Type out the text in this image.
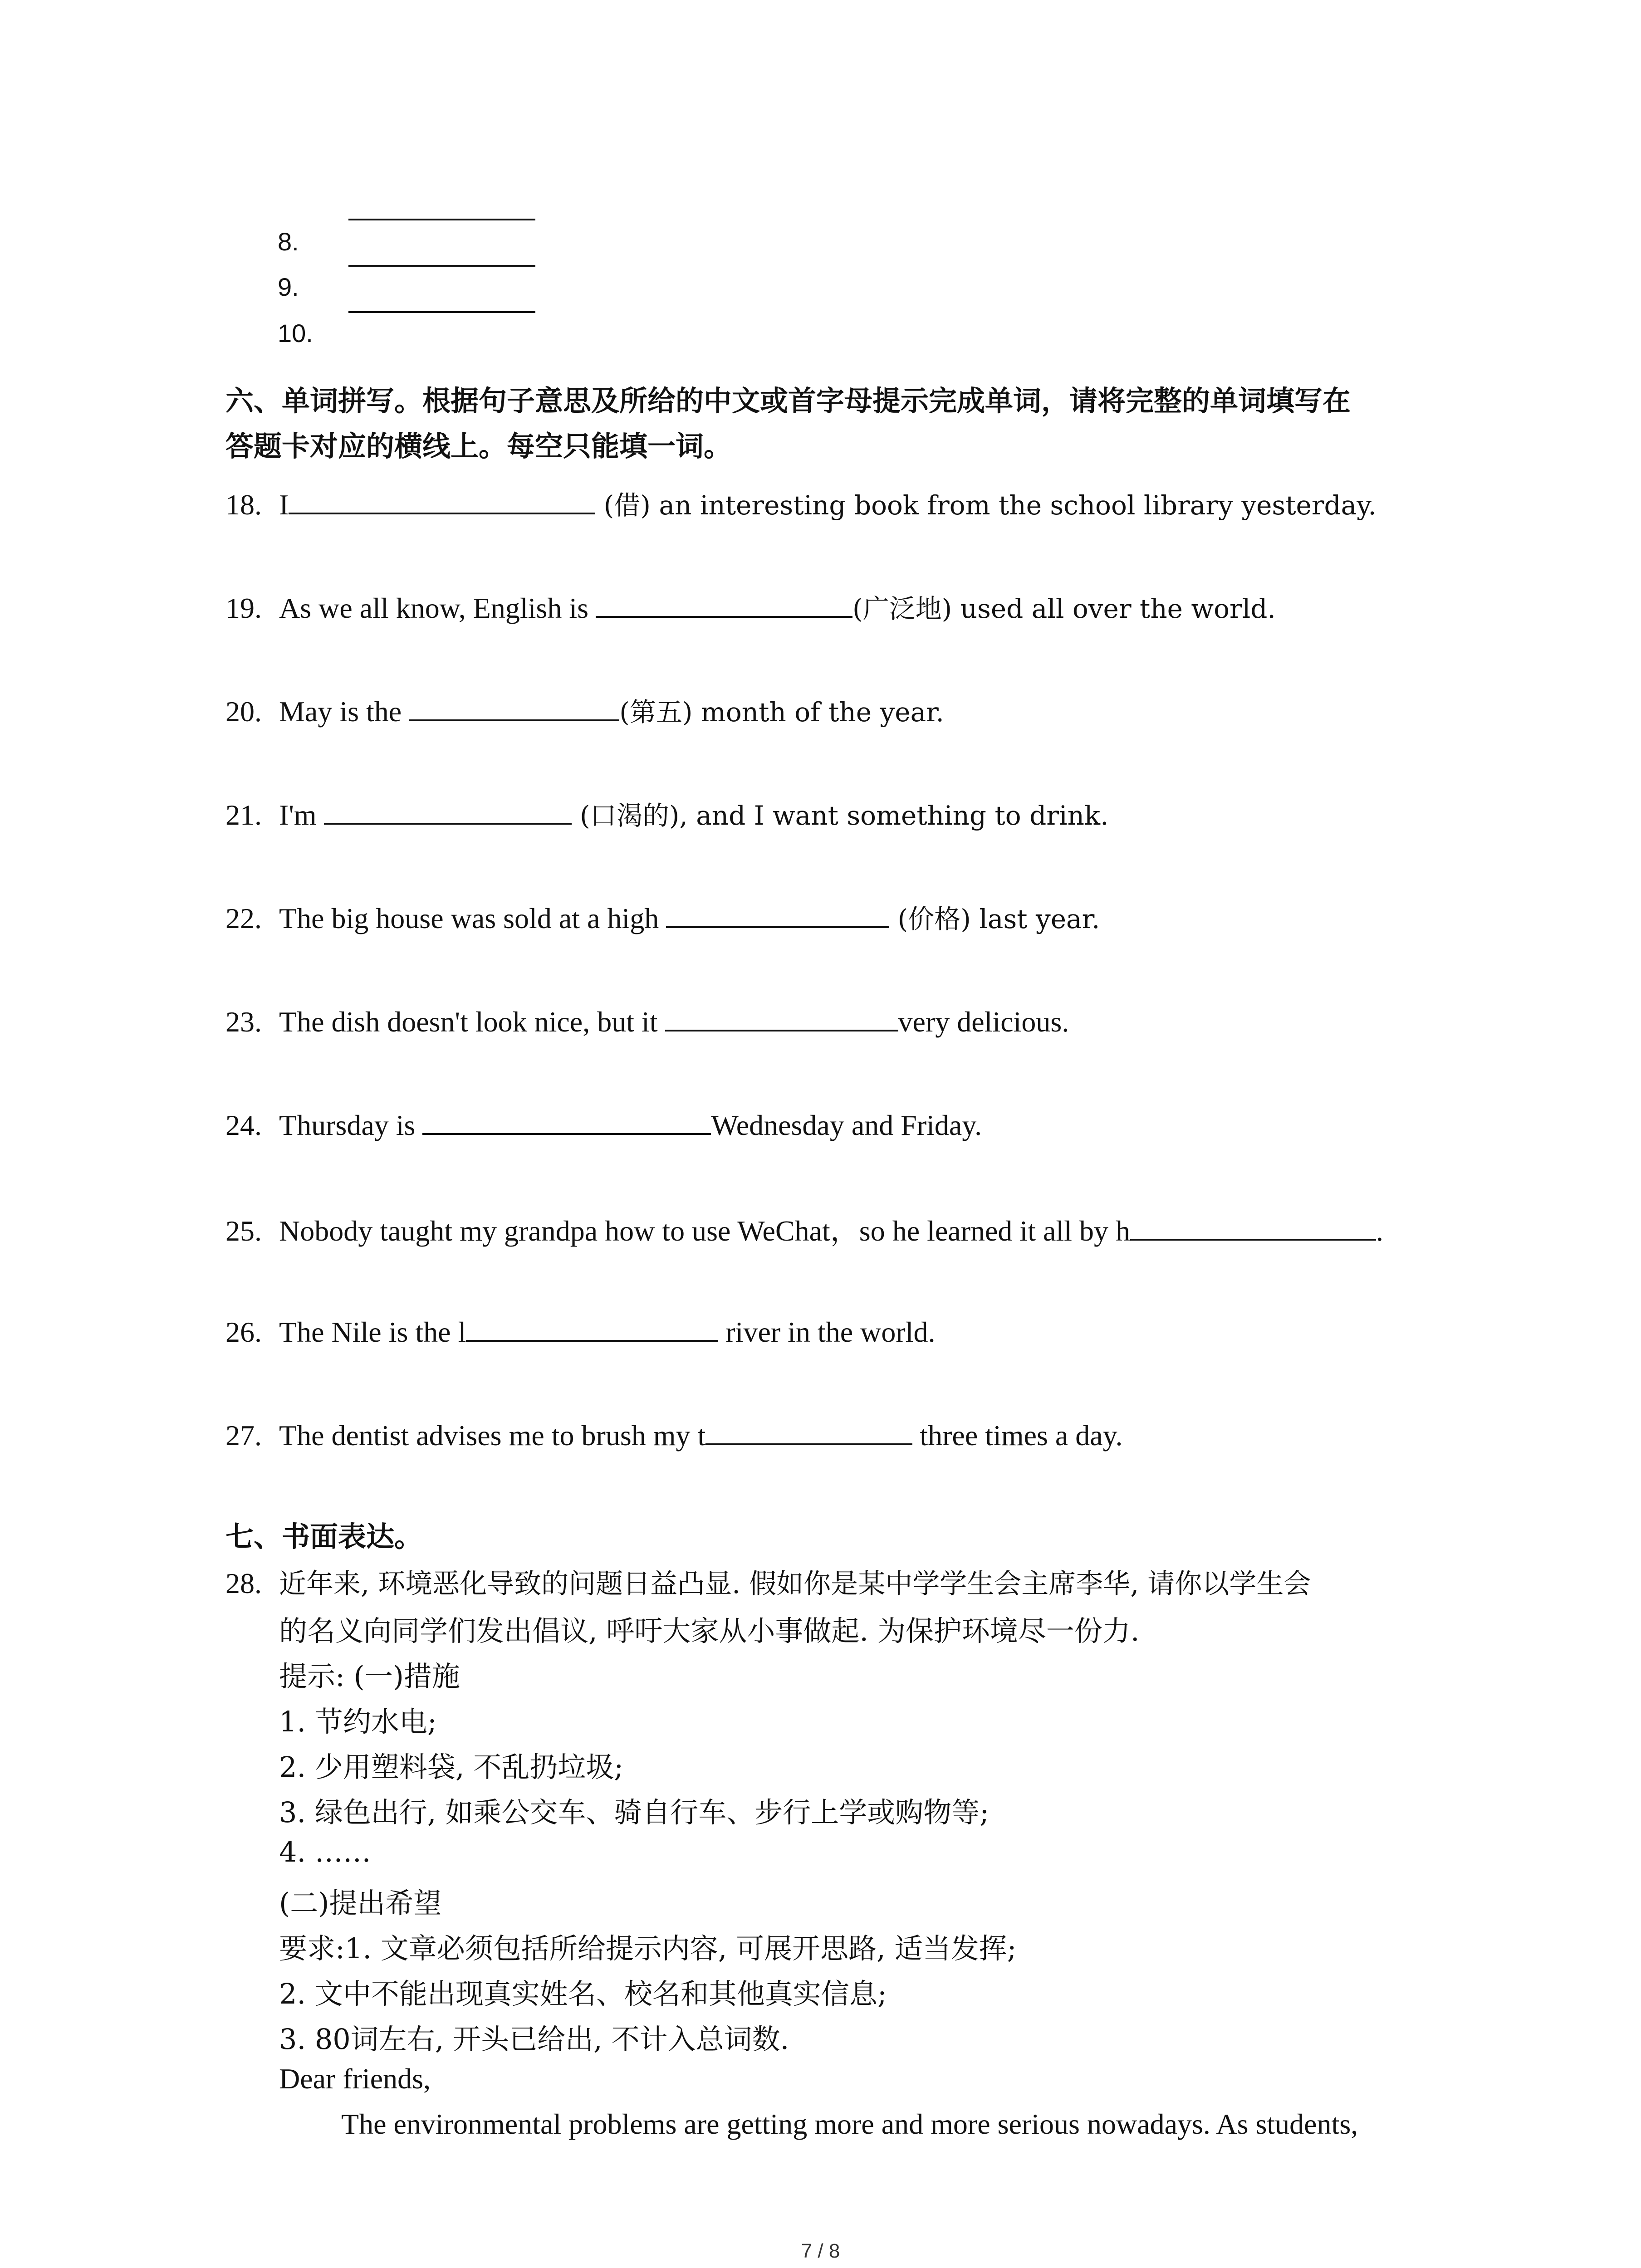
8.
9.
10.
六、单词拼写。根据句子意思及所给的中文或首字母提示完成单词，请将完整的单词填写在
答题卡对应的横线上。每空只能填一词。
18. I	(借) an interesting book from the school library yesterday.
19. As we all know, English is	(广泛地) used all over the world.
20. May is the	(第五) month of the year.
21. I'm	(口渴的), and I want something to drink.
22. The big house was sold at a high	(价格) last year.
23. The dish doesn't look nice, but it	very delicious.
24. Thursday is	Wednesday and Friday.
25. Nobody taught my grandpa how to use WeChat，so he learned it all by h	.
26. The Nile is the l	river in the world.
27. The dentist advises me to brush my t	three times a day.
七、书面表达。
28. 近年来, 环境恶化导致的问题日益凸显. 假如你是某中学学生会主席李华, 请你以学生会
的名义向同学们发出倡议, 呼吁大家从小事做起. 为保护环境尽一份力.
提示: (一)措施
1. 节约水电;
2. 少用塑料袋, 不乱扔垃圾;
3. 绿色出行, 如乘公交车、骑自行车、步行上学或购物等;
4. ……
(二)提出希望
要求:1. 文章必须包括所给提示内容, 可展开思路, 适当发挥;
2. 文中不能出现真实姓名、校名和其他真实信息;
3. 80词左右, 开头已给出, 不计入总词数.
Dear friends,
The environmental problems are getting more and more serious nowadays. As students,
7 / 8
